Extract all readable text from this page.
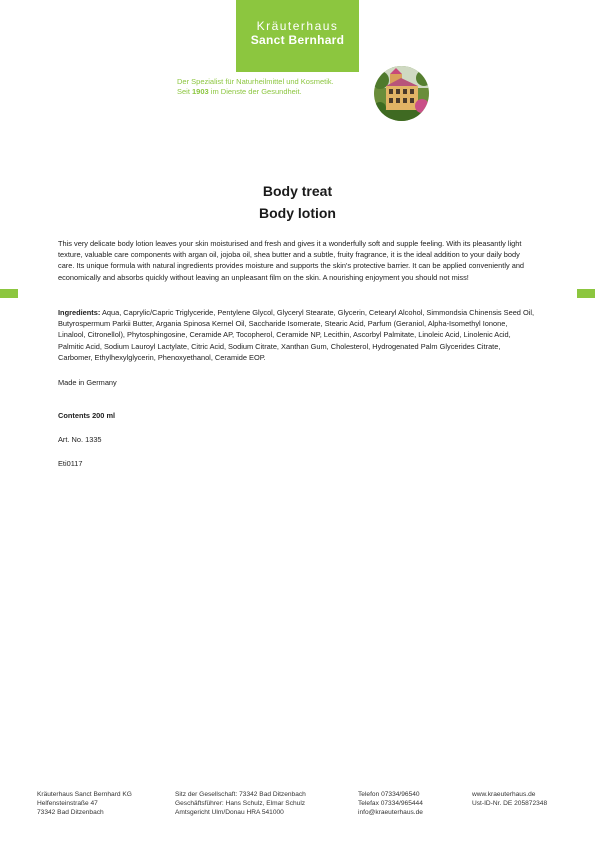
Kräuterhaus
Sanct Bernhard
Der Spezialist für Naturheilmittel und Kosmetik.
Seit 1903 im Dienste der Gesundheit.
Body treat
Body lotion
This very delicate body lotion leaves your skin moisturised and fresh and gives it a wonderfully soft and supple feeling. With its pleasantly light texture, valuable care components with argan oil, jojoba oil, shea butter and a subtle, fruity fragrance, it is the ideal addition to your daily body care. Its unique formula with natural ingredients provides moisture and supports the skin's protective barrier. It can be applied conveniently and economically and absorbs quickly without leaving an unpleasant film on the skin. A nourishing enjoyment you should not miss!
Ingredients: Aqua, Caprylic/Capric Triglyceride, Pentylene Glycol, Glyceryl Stearate, Glycerin, Cetearyl Alcohol, Simmondsia Chinensis Seed Oil, Butyrospermum Parkii Butter, Argania Spinosa Kernel Oil, Saccharide Isomerate, Stearic Acid, Parfum (Geraniol, Alpha-Isomethyl Ionone, Linalool, Citronellol), Phytosphingosine, Ceramide AP, Tocopherol, Ceramide NP, Lecithin, Ascorbyl Palmitate, Linoleic Acid, Linolenic Acid, Palmitic Acid, Sodium Lauroyl Lactylate, Citric Acid, Sodium Citrate, Xanthan Gum, Cholesterol, Hydrogenated Palm Glycerides Citrate, Carbomer, Ethylhexylglycerin, Phenoxyethanol, Ceramide EOP.
Made in Germany
Contents 200 ml
Art. No. 1335
Eti0117
Kräuterhaus Sanct Bernhard KG
Helfensteinstraße 47
73342 Bad Ditzenbach
Sitz der Gesellschaft: 73342 Bad Ditzenbach
Geschäftsführer: Hans Schulz, Elmar Schulz
Amtsgericht Ulm/Donau HRA 541000
Telefon 07334/96540
Telefax 07334/965444
info@kraeuterhaus.de
www.kraeuterhaus.de
Ust-ID-Nr. DE 205872348
